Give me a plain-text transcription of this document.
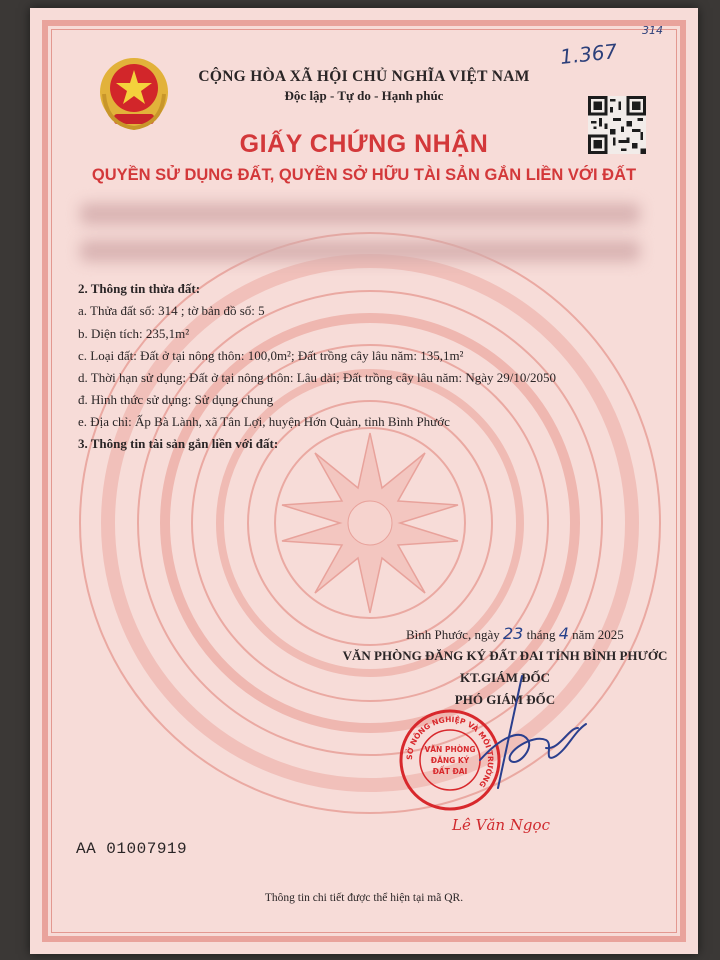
CỘNG HÒA XÃ HỘI CHỦ NGHĨA VIỆT NAM
Độc lập - Tự do - Hạnh phúc
1.367
314
GIẤY CHỨNG NHẬN
QUYỀN SỬ DỤNG ĐẤT, QUYỀN SỞ HỮU TÀI SẢN GẮN LIỀN VỚI ĐẤT
2. Thông tin thửa đất:
a. Thửa đất số: 314 ; tờ bản đồ số: 5
b. Diện tích: 235,1m²
c. Loại đất: Đất ở tại nông thôn: 100,0m²; Đất trồng cây lâu năm: 135,1m²
d. Thời hạn sử dụng: Đất ở tại nông thôn: Lâu dài; Đất trồng cây lâu năm: Ngày 29/10/2050
đ. Hình thức sử dụng: Sử dụng chung
e. Địa chỉ: Ấp Bà Lành, xã Tân Lợi, huyện Hớn Quản, tỉnh Bình Phước
3. Thông tin tài sản gắn liền với đất:
Bình Phước, ngày 23 tháng 4 năm 2025
VĂN PHÒNG ĐĂNG KÝ ĐẤT ĐAI TỈNH BÌNH PHƯỚC
KT.GIÁM ĐỐC
PHÓ GIÁM ĐỐC
SỞ NÔNG NGHIỆP VÀ MÔI TRƯỜNG
VĂN PHÒNG
ĐĂNG KÝ
ĐẤT ĐAI
Lê Văn Ngọc
AA 01007919
Thông tin chi tiết được thể hiện tại mã QR.
